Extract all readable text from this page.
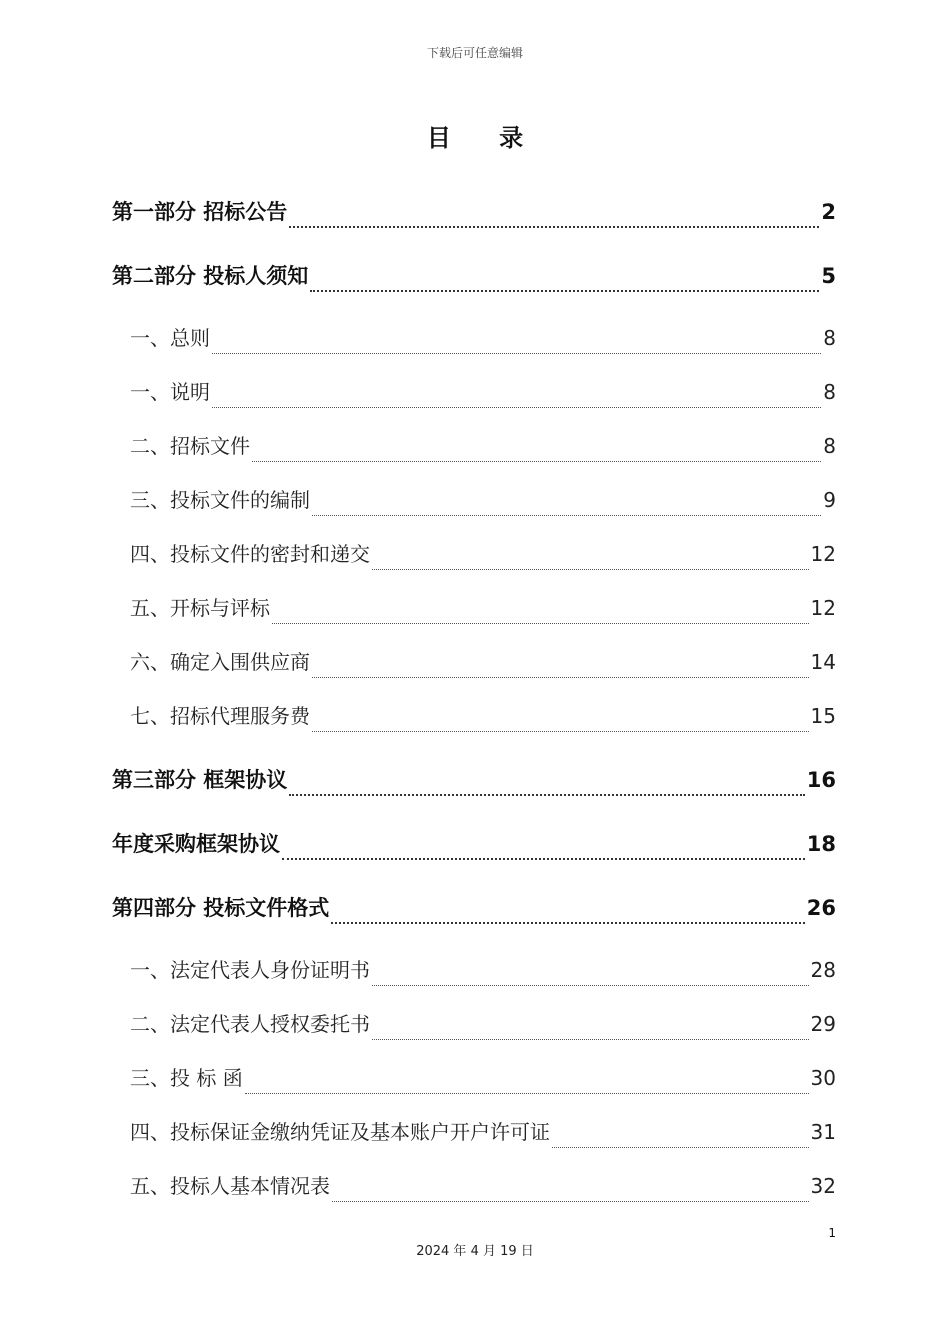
下载后可任意编辑
目 录
第一部分 招标公告	2
第二部分 投标人须知	5
一、总则	8
一、说明	8
二、招标文件	8
三、投标文件的编制	9
四、投标文件的密封和递交	12
五、开标与评标	12
六、确定入围供应商	14
七、招标代理服务费	15
第三部分 框架协议	16
年度采购框架协议	18
第四部分 投标文件格式	26
一、法定代表人身份证明书	28
二、法定代表人授权委托书	29
三、投 标 函	30
四、投标保证金缴纳凭证及基本账户开户许可证	31
五、投标人基本情况表	32
1
2024 年 4 月 19 日
